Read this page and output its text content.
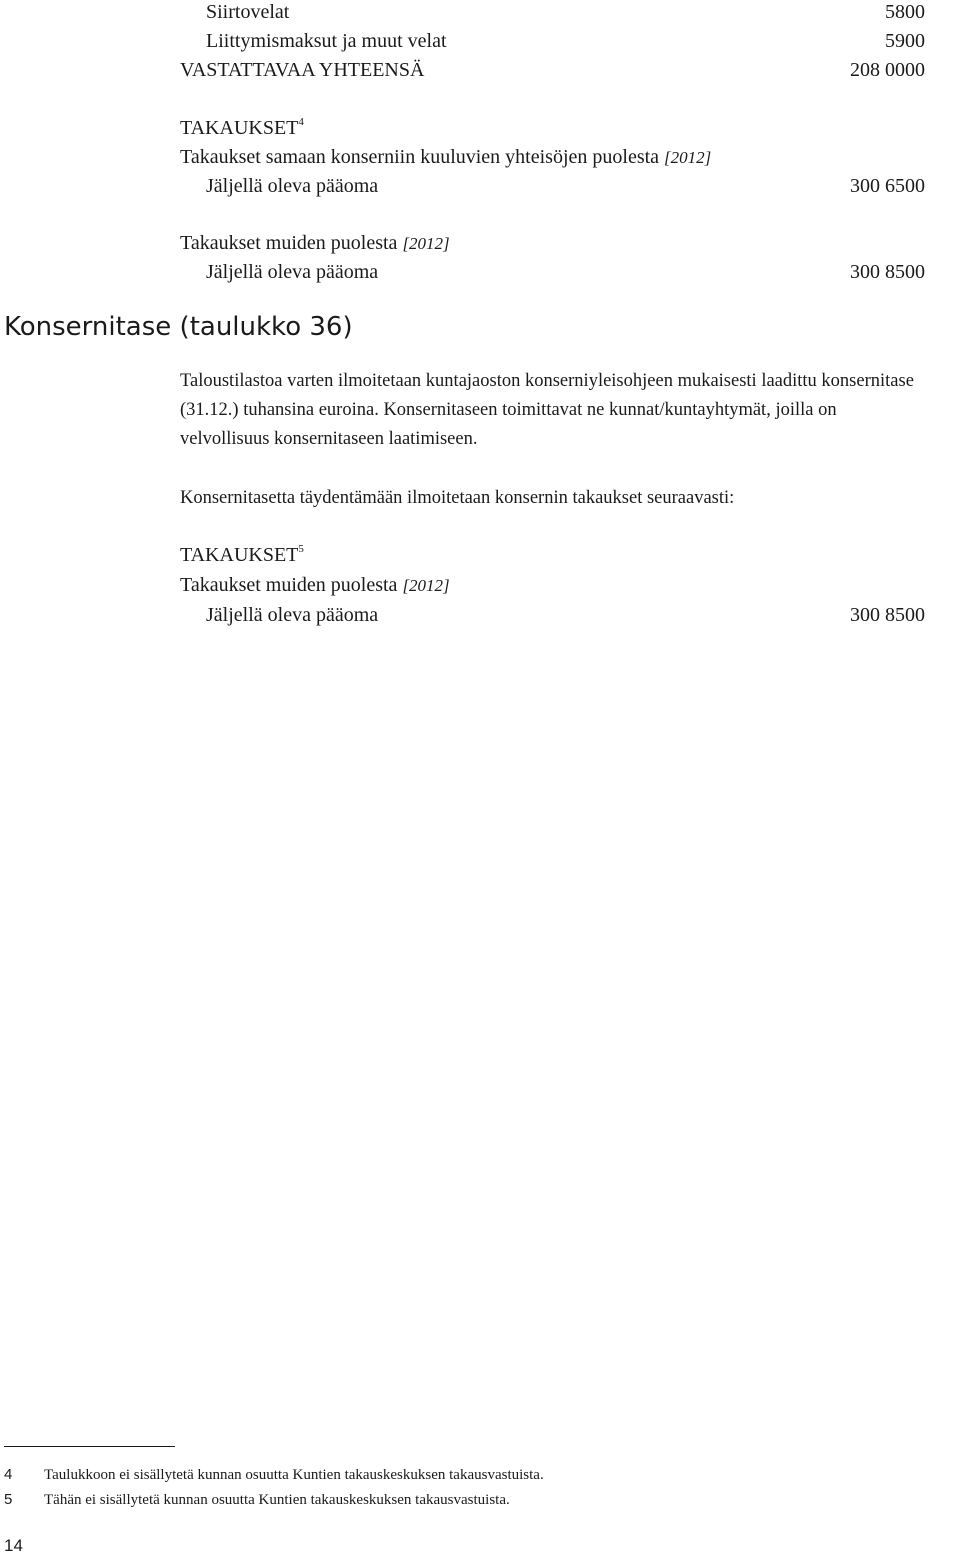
Siirtovelat	5800
Liittymismaksut ja muut velat	5900
VASTATTAVAA YHTEENSÄ	208 0000
TAKAUKSET$^4$
Takaukset samaan konserniin kuuluvien yhteisöjen puolesta [2012]
Jäljellä oleva pääoma	300 6500
Takaukset muiden puolesta [2012]
Jäljellä oleva pääoma	300 8500
Konsernitase (taulukko 36)
Taloustilastoa varten ilmoitetaan kuntajaoston konserniyleisohjeen mukaisesti laadittu konsernitase (31.12.) tuhansina euroina. Konsernitaseen toimittavat ne kunnat/kuntayhtymät, joilla on velvollisuus konsernitaseen laatimiseen.
Konsernitasetta täydentämään ilmoitetaan konsernin takaukset seuraavasti:
TAKAUKSET$^5$
Takaukset muiden puolesta [2012]
Jäljellä oleva pääoma	300 8500
4 Taulukkoon ei sisällytetä kunnan osuutta Kuntien takauskeskuksen takausvastuista.
5 Tähän ei sisällytetä kunnan osuutta Kuntien takauskeskuksen takausvastuista.
14
